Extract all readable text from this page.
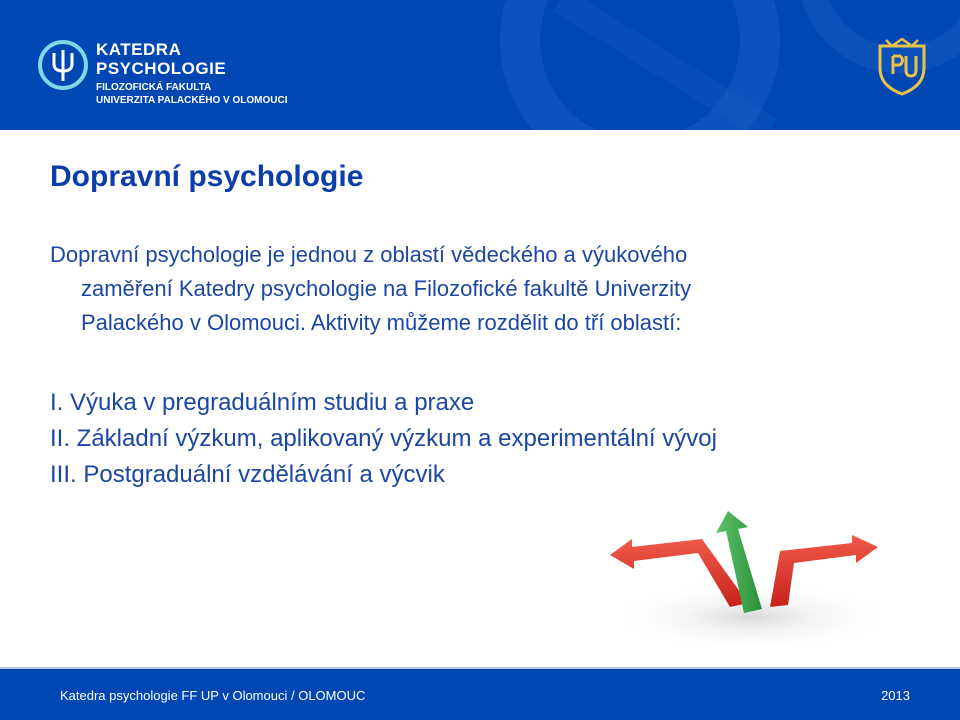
KATEDRA
PSYCHOLOGIE
FILOZOFICKÁ FAKULTA
UNIVERZITA PALACKÉHO V OLOMOUCI
Dopravní psychologie
Dopravní psychologie je jednou z oblastí vědeckého a výukového
zaměření Katedry psychologie na Filozofické fakultě Univerzity
Palackého v Olomouci. Aktivity můžeme rozdělit do tří oblastí:
I. Výuka v pregraduálním studiu a praxe
II. Základní výzkum, aplikovaný výzkum a experimentální vývoj
III. Postgraduální vzdělávání a výcvik
Katedra psychologie FF UP v Olomouci / OLOMOUC	2013
